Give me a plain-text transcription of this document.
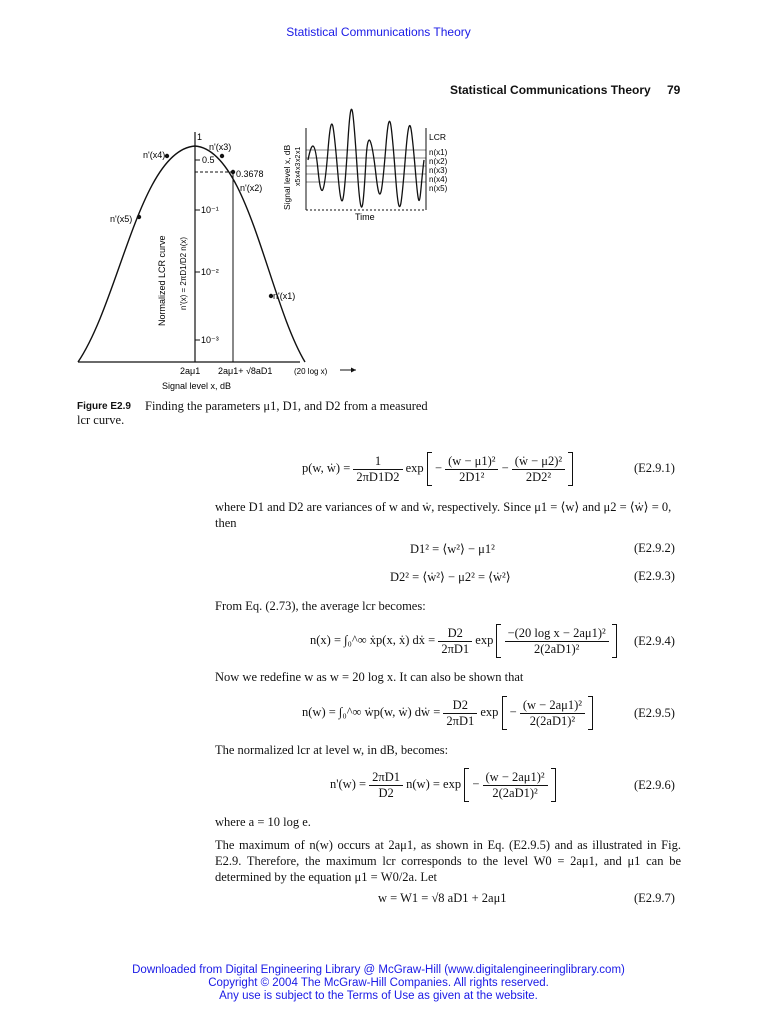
Statistical Communications Theory
Statistical Communications Theory 79
n'(x4)
n'(x3)
n'(x2)
n'(x5)
n'(x1)
1
0.5
0.3678
10⁻¹
10⁻²
10⁻³
Normalized LCR curve n'(x) = 2πD1/D2 n(x)
2aμ1 2aμ1+ √8aD1	(20 log x)
Signal level x, dB
Signal level x, dB x1
x2
x3
x4
x5
Time
LCR
n(x1)
n(x2)
n(x3)
n(x4)
n(x5)
Figure E2.9 Finding the parameters μ1, D1, and D2 from a measured
lcr curve.
p(w, ẇ) = $\frac{1}{2\pi D1D2}$ $\exp - \frac{\text{(w − μ1)²}}{\text{2D1²}} - \frac{\text{(ẇ − μ2)²}}{\text{2D2²}}$
	(E2.9.1)
where D1 and D2 are variances of w and ẇ, respectively. Since μ1 = ⟨w⟩ and μ2 = ⟨ẇ⟩ = 0, then
D1² = ⟨w²⟩ − μ1²	(E2.9.2)
D2² = ⟨ẇ²⟩ − μ2² = ⟨ẇ²⟩	(E2.9.3)
From Eq. (2.73), the average lcr becomes:
n(x) = ∫₀^∞ ẋp(x, ẋ) dẋ = $\frac{D2}{2\pi D1}$ $\exp \frac{\text{−(20 log x − 2aμ1)²}}{\text{2(2aD1)²}}$
(E2.9.4)
Now we redefine w as w = 20 log x. It can also be shown that
n(w) = ∫₀^∞ ẇp(w, ẇ) dẇ = $\frac{D2}{2\pi D1}$ $\exp - \frac{\text{(w − 2aμ1)²}}{\text{2(2aD1)²}}$
	(E2.9.5)
The normalized lcr at level w, in dB, becomes:
$n'(w) = \frac{2\pi D1}{D2} n(w) = \exp - \frac{\text{(w − 2aμ1)²}}{\text{2(2aD1)²}}$
	(E2.9.6)
where a = 10 log e.
The maximum of n(w) occurs at 2aμ1, as shown in Eq. (E2.9.5) and as illustrated in Fig. E2.9. Therefore, the maximum lcr corresponds to the level W0 = 2aμ1, and μ1 can be determined by the equation μ1 = W0/2a. Let
w = W1 = √8 aD1 + 2aμ1	(E2.9.7)
Downloaded from Digital Engineering Library @ McGraw-Hill (www.digitalengineeringlibrary.com)
Copyright © 2004 The McGraw-Hill Companies. All rights reserved.
Any use is subject to the Terms of Use as given at the website.
